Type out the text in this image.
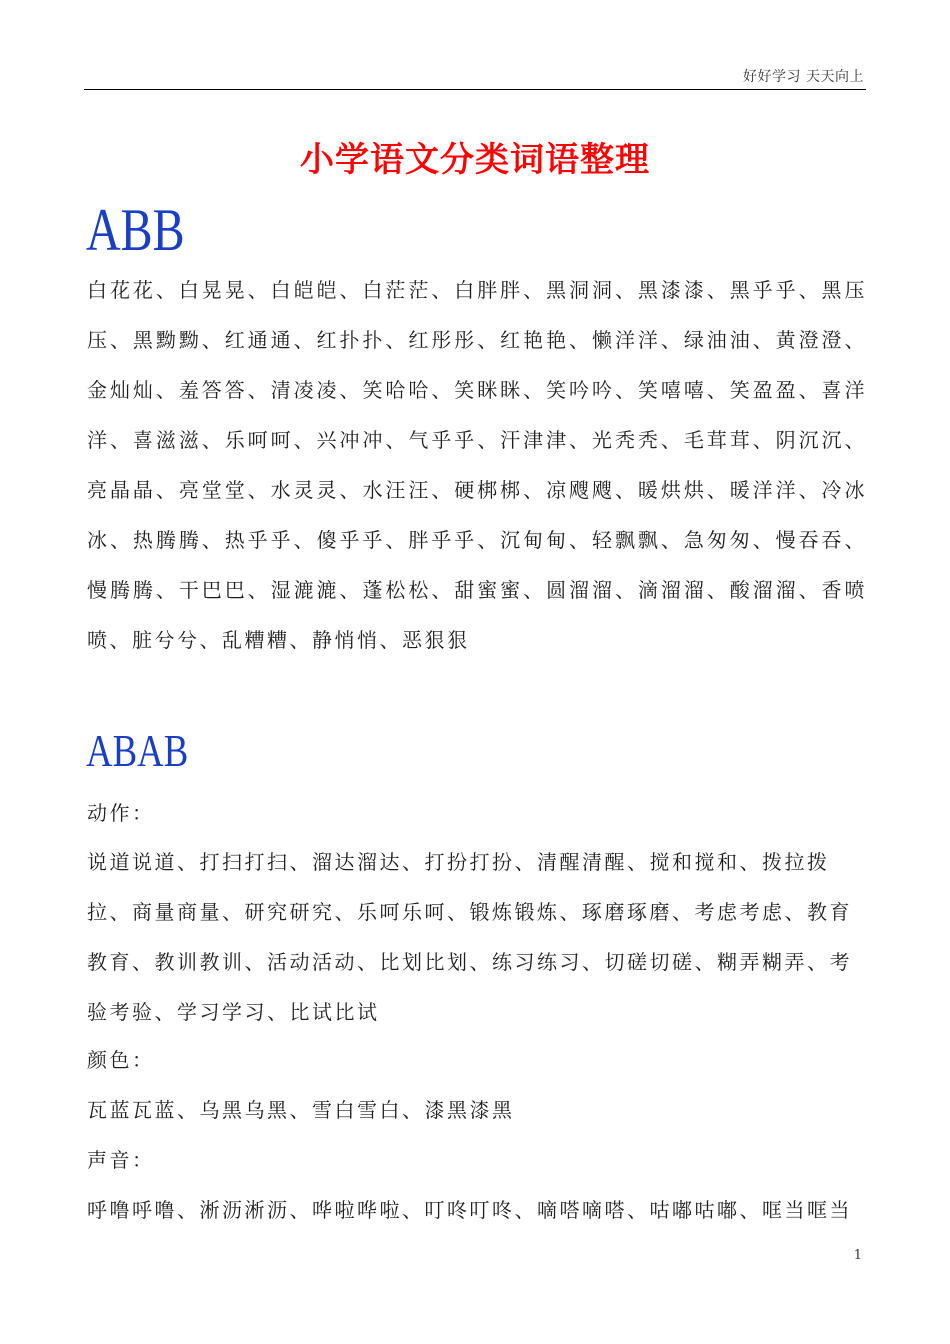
好好学习 天天向上
小学语文分类词语整理
ABB

白花花、白晃晃、白皑皑、白茫茫、白胖胖、黑洞洞、黑漆漆、黑乎乎、黑压压、黑黝黝、红通通、红扑扑、红彤彤、红艳艳、懒洋洋、绿油油、黄澄澄、金灿灿、羞答答、清凌凌、笑哈哈、笑眯眯、笑吟吟、笑嘻嘻、笑盈盈、喜洋洋、喜滋滋、乐呵呵、兴冲冲、气乎乎、汗津津、光秃秃、毛茸茸、阴沉沉、亮晶晶、亮堂堂、水灵灵、水汪汪、硬梆梆、凉飕飕、暖烘烘、暖洋洋、冷冰冰、热腾腾、热乎乎、傻乎乎、胖乎乎、沉甸甸、轻飘飘、急匆匆、慢吞吞、慢腾腾、干巴巴、湿漉漉、蓬松松、甜蜜蜜、圆溜溜、滴溜溜、酸溜溜、香喷喷、脏兮兮、乱糟糟、静悄悄、恶狠狠

ABAB

动作：

说道说道、打扫打扫、溜达溜达、打扮打扮、清醒清醒、搅和搅和、拨拉拨拉、商量商量、研究研究、乐呵乐呵、锻炼锻炼、琢磨琢磨、考虑考虑、教育教育、教训教训、活动活动、比划比划、练习练习、切磋切磋、糊弄糊弄、考验考验、学习学习、比试比试

颜色：

瓦蓝瓦蓝、乌黑乌黑、雪白雪白、漆黑漆黑

声音：

呼噜呼噜、淅沥淅沥、哗啦哗啦、叮咚叮咚、嘀嗒嘀嗒、咕嘟咕嘟、哐当哐当

1
